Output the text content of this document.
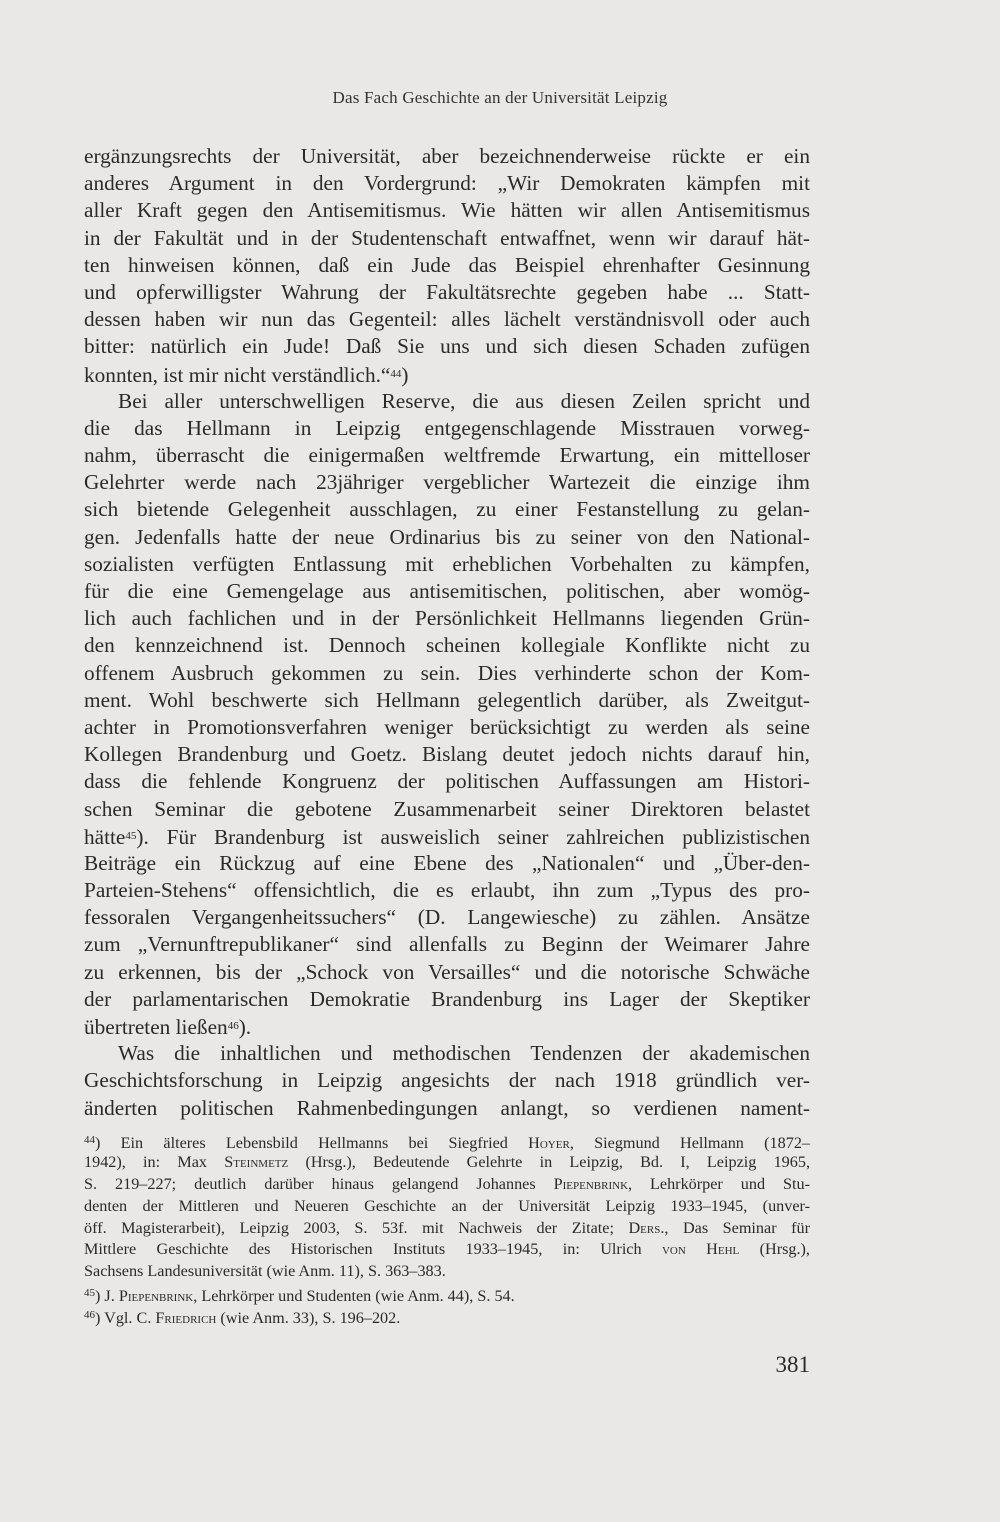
Das Fach Geschichte an der Universität Leipzig
ergänzungsrechts der Universität, aber bezeichnenderweise rückte er ein
anderes Argument in den Vordergrund: „Wir Demokraten kämpfen mit
aller Kraft gegen den Antisemitismus. Wie hätten wir allen Antisemitismus
in der Fakultät und in der Studentenschaft entwaffnet, wenn wir darauf hät-
ten hinweisen können, daß ein Jude das Beispiel ehrenhafter Gesinnung
und opferwilligster Wahrung der Fakultätsrechte gegeben habe ... Statt-
dessen haben wir nun das Gegenteil: alles lächelt verständnisvoll oder auch
bitter: natürlich ein Jude! Daß Sie uns und sich diesen Schaden zufügen
konnten, ist mir nicht verständlich.“$^{44}$)
Bei aller unterschwelligen Reserve, die aus diesen Zeilen spricht und
die das Hellmann in Leipzig entgegenschlagende Misstrauen vorweg-
nahm, überrascht die einigermaßen weltfremde Erwartung, ein mittelloser
Gelehrter werde nach 23jähriger vergeblicher Wartezeit die einzige ihm
sich bietende Gelegenheit ausschlagen, zu einer Festanstellung zu gelan-
gen. Jedenfalls hatte der neue Ordinarius bis zu seiner von den National-
sozialisten verfügten Entlassung mit erheblichen Vorbehalten zu kämpfen,
für die eine Gemengelage aus antisemitischen, politischen, aber womög-
lich auch fachlichen und in der Persönlichkeit Hellmanns liegenden Grün-
den kennzeichnend ist. Dennoch scheinen kollegiale Konflikte nicht zu
offenem Ausbruch gekommen zu sein. Dies verhinderte schon der Kom-
ment. Wohl beschwerte sich Hellmann gelegentlich darüber, als Zweitgut-
achter in Promotionsverfahren weniger berücksichtigt zu werden als seine
Kollegen Brandenburg und Goetz. Bislang deutet jedoch nichts darauf hin,
dass die fehlende Kongruenz der politischen Auffassungen am Histori-
schen Seminar die gebotene Zusammenarbeit seiner Direktoren belastet
hätte$^{45}$). Für Brandenburg ist ausweislich seiner zahlreichen publizistischen
Beiträge ein Rückzug auf eine Ebene des „Nationalen“ und „Über-den-
Parteien-Stehens“ offensichtlich, die es erlaubt, ihn zum „Typus des pro-
fessoralen Vergangenheitssuchers“ (D. Langewiesche) zu zählen. Ansätze
zum „Vernunftrepublikaner“ sind allenfalls zu Beginn der Weimarer Jahre
zu erkennen, bis der „Schock von Versailles“ und die notorische Schwäche
der parlamentarischen Demokratie Brandenburg ins Lager der Skeptiker
übertreten ließen$^{46}$).
Was die inhaltlichen und methodischen Tendenzen der akademischen
Geschichtsforschung in Leipzig angesichts der nach 1918 gründlich ver-
änderten politischen Rahmenbedingungen anlangt, so verdienen nament-
$^{44}$) Ein älteres Lebensbild Hellmanns bei Siegfried Hoyer, Siegmund Hellmann (1872–
1942), in: Max Steinmetz (Hrsg.), Bedeutende Gelehrte in Leipzig, Bd. I, Leipzig 1965,
S. 219–227; deutlich darüber hinaus gelangend Johannes Piepenbrink, Lehrkörper und Stu-
denten der Mittleren und Neueren Geschichte an der Universität Leipzig 1933–1945, (unver-
öff. Magisterarbeit), Leipzig 2003, S. 53f. mit Nachweis der Zitate; Ders., Das Seminar für
Mittlere Geschichte des Historischen Instituts 1933–1945, in: Ulrich von Hehl (Hrsg.),
Sachsens Landesuniversität (wie Anm. 11), S. 363–383.
$^{45}$) J. Piepenbrink, Lehrkörper und Studenten (wie Anm. 44), S. 54.
$^{46}$) Vgl. C. Friedrich (wie Anm. 33), S. 196–202.
381
